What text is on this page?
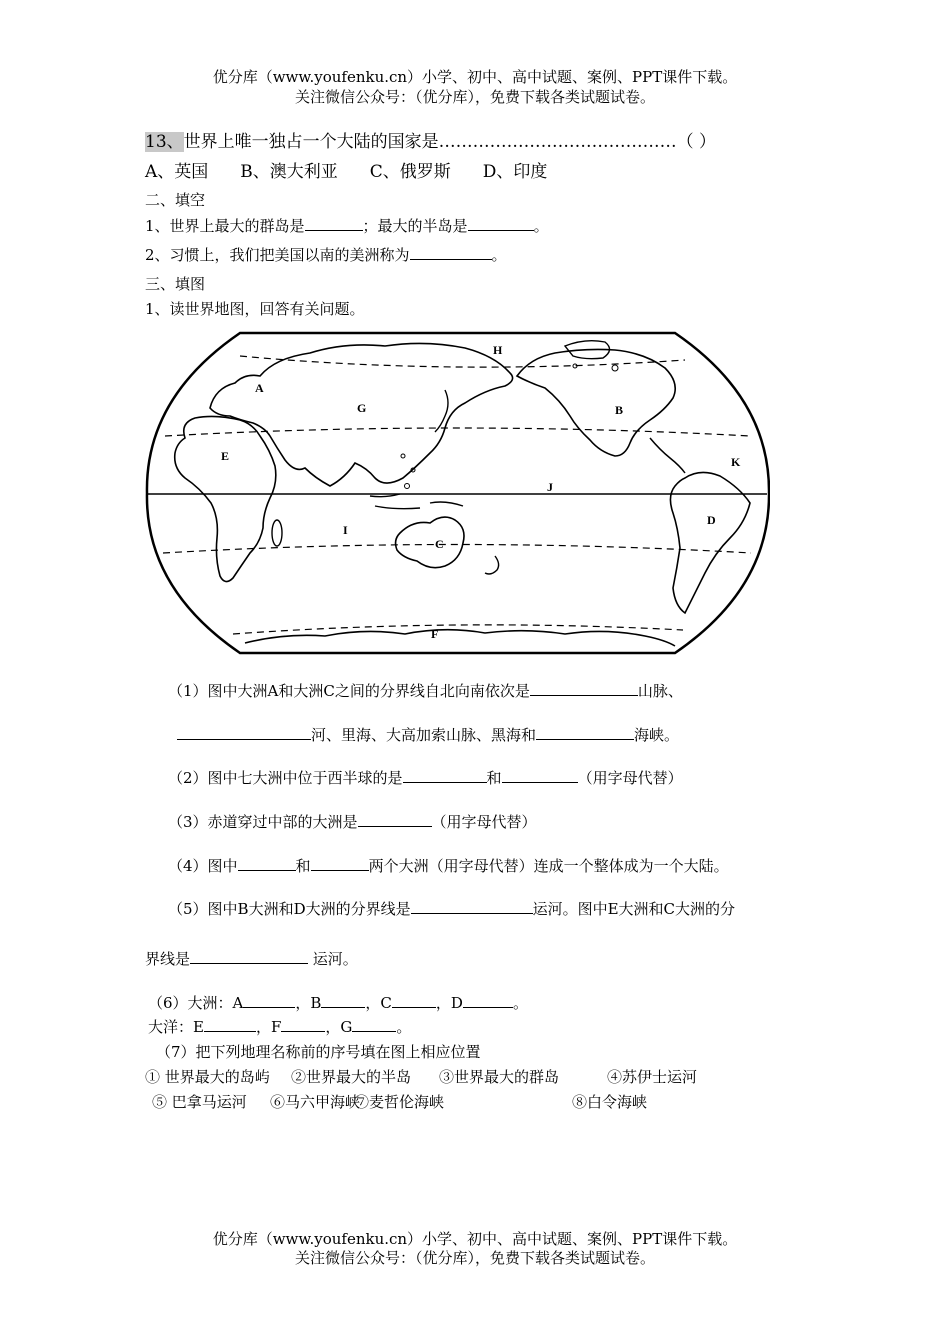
优分库（www.youfenku.cn）小学、初中、高中试题、案例、PPT课件下载。
关注微信公众号：（优分库），免费下载各类试题试卷。
13、世界上唯一独占一个大陆的国家是……………………………………（ ）
A、英国 B、澳大利亚 C、俄罗斯 D、印度
二、填空
1、世界上最大的群岛是	；最大的半岛是	。
2、习惯上，我们把美国以南的美洲称为	。
三、填图
1、读世界地图，回答有关问题。
A
B
C
D
E
F
G
H
I
J
K
（1）图中大洲A和大洲C之间的分界线自北向南依次是	山脉、
河、里海、大高加索山脉、黑海和	海峡。
（2）图中七大洲中位于西半球的是	和	（用字母代替）
（3）赤道穿过中部的大洲是	（用字母代替）
（4）图中	和	两个大洲（用字母代替）连成一个整体成为一个大陆。
（5）图中B大洲和D大洲的分界线是	运河。图中E大洲和C大洲的分
界线是	运河。
（6）大洲：A	，B	，C	，D	。
大洋：E	，F	，G	。
（7）把下列地理名称前的序号填在图上相应位置
① 世界最大的岛屿 ②世界最大的半岛 ③世界最大的群岛	④苏伊士运河
⑤ 巴拿马运河 ⑥马六甲海峡⑦麦哲伦海峡	⑧白令海峡
优分库（www.youfenku.cn）小学、初中、高中试题、案例、PPT课件下载。
关注微信公众号：（优分库），免费下载各类试题试卷。
